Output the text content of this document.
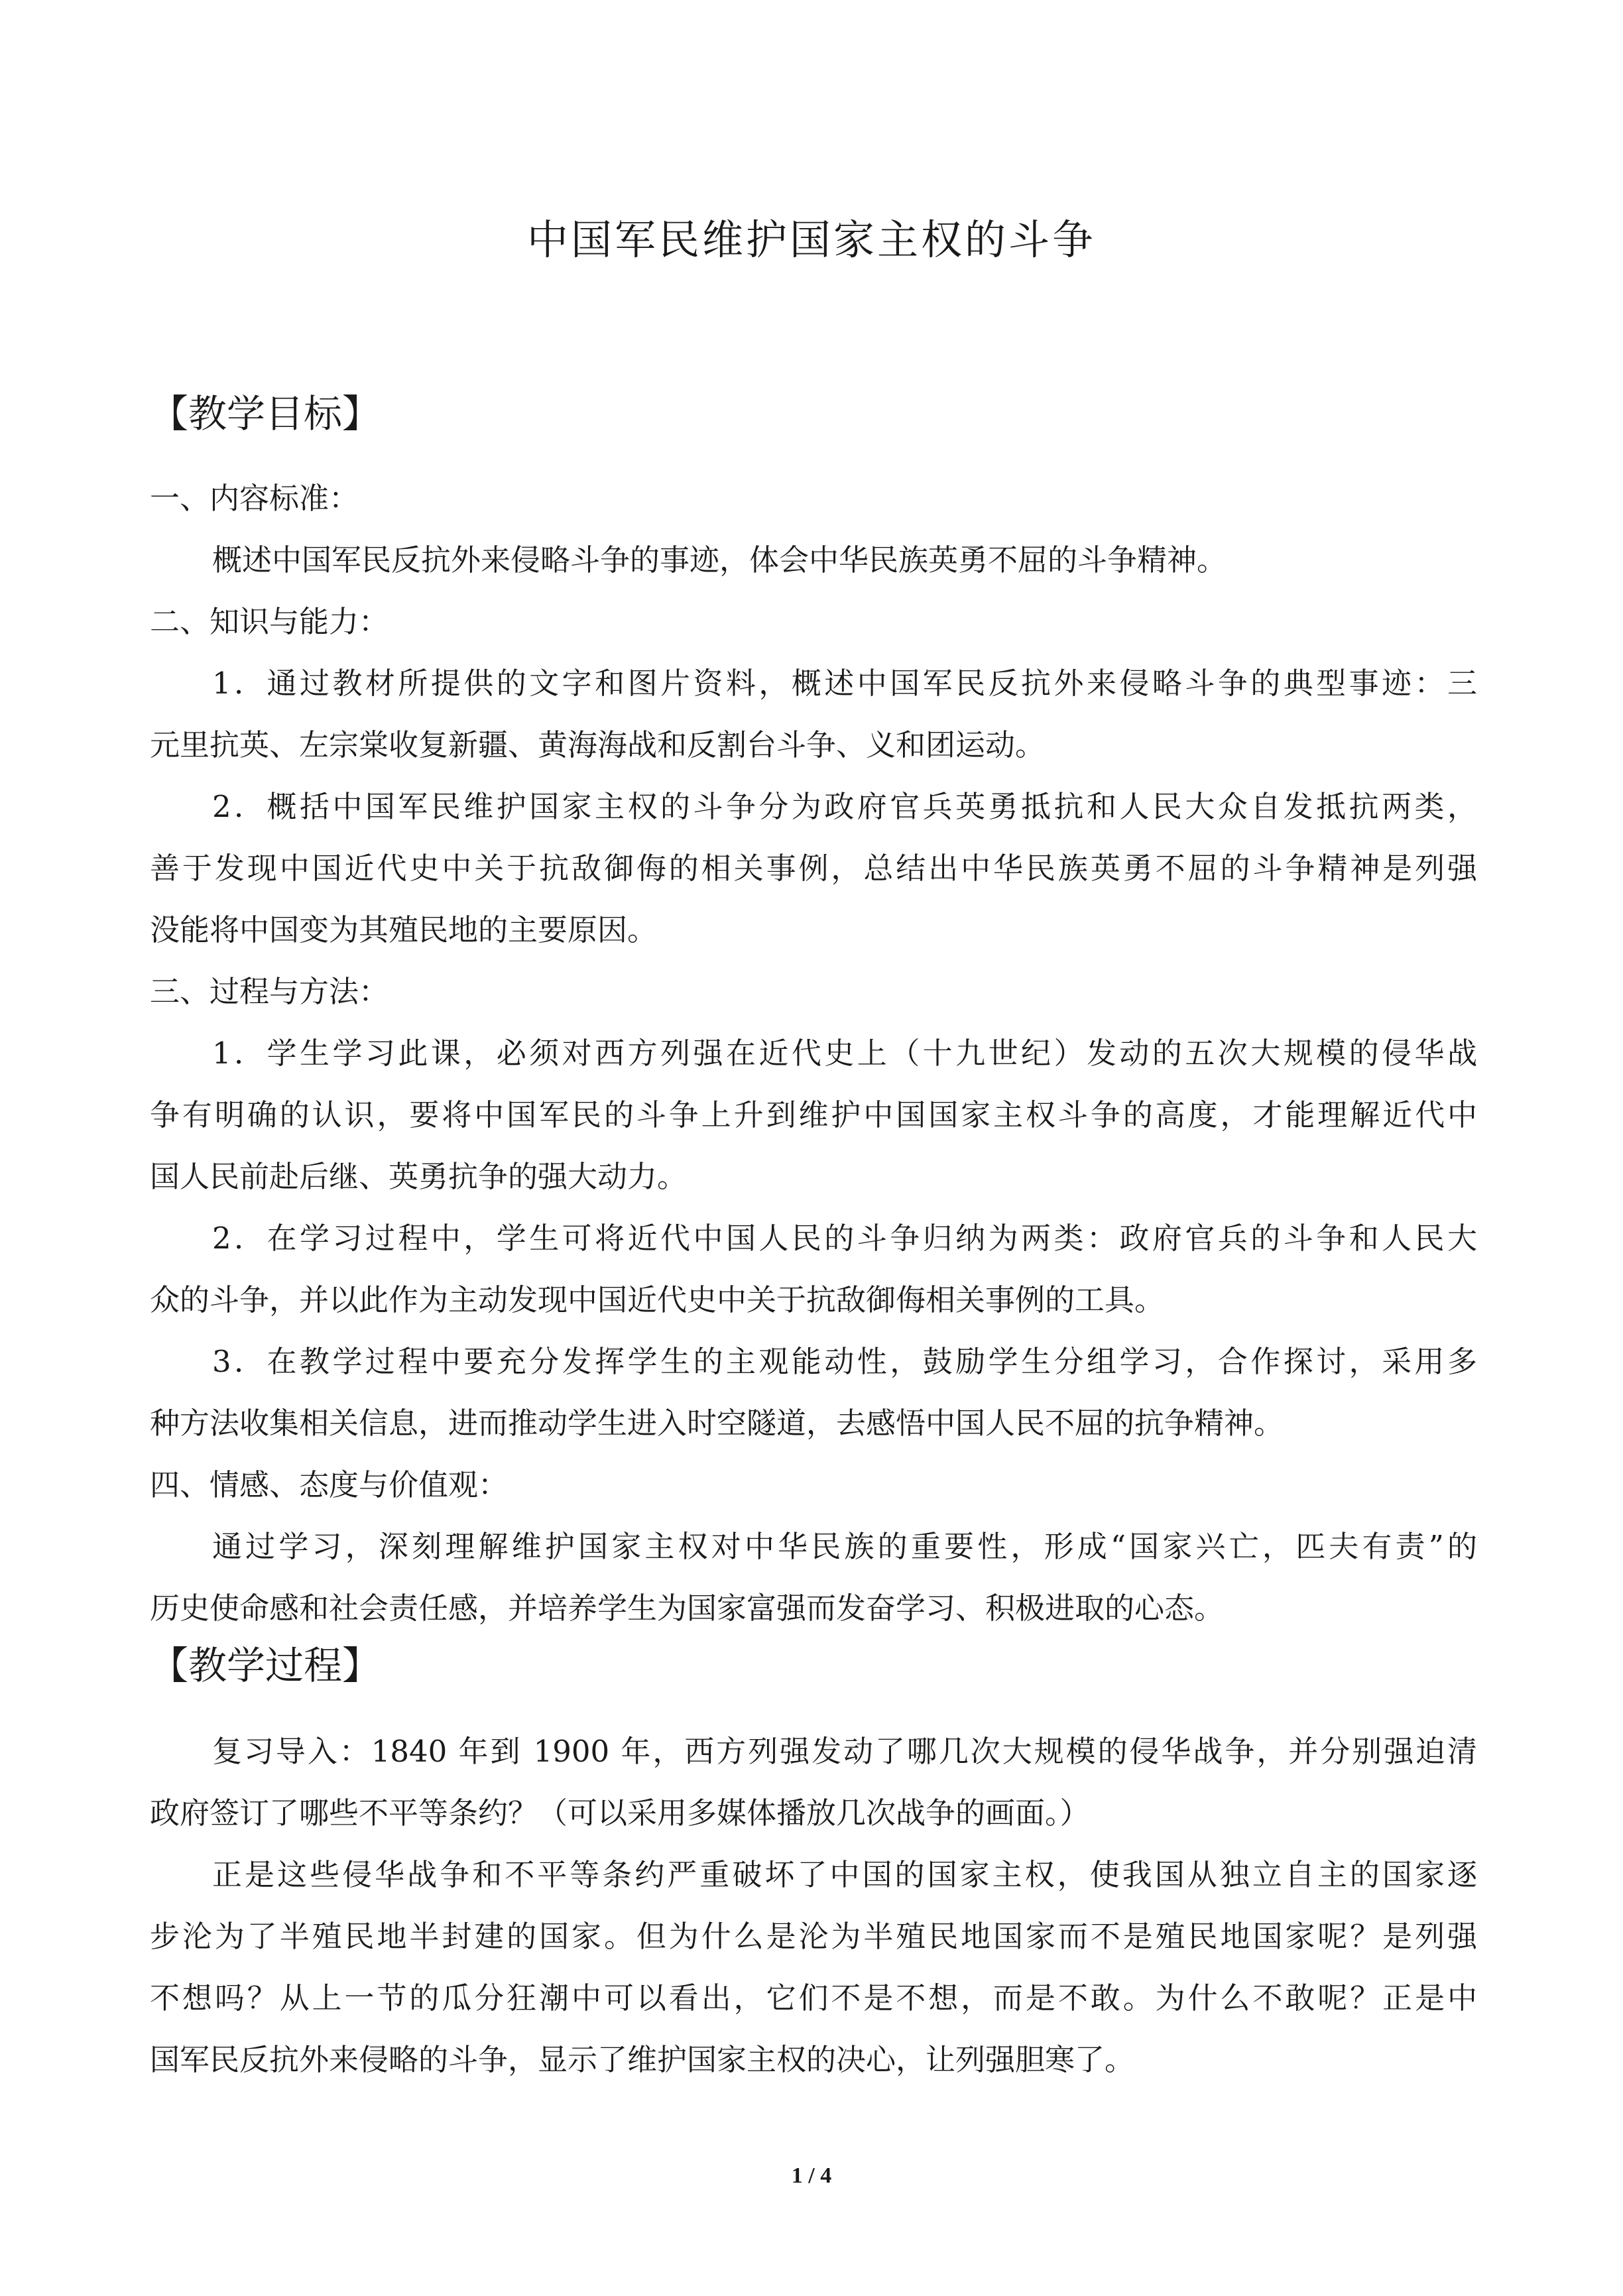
中国军民维护国家主权的斗争
【教学目标】

一、内容标准：

概述中国军民反抗外来侵略斗争的事迹，体会中华民族英勇不屈的斗争精神。

二、知识与能力：

1．通过教材所提供的文字和图片资料，概述中国军民反抗外来侵略斗争的典型事迹：三

元里抗英、左宗棠收复新疆、黄海海战和反割台斗争、义和团运动。

2．概括中国军民维护国家主权的斗争分为政府官兵英勇抵抗和人民大众自发抵抗两类，

善于发现中国近代史中关于抗敌御侮的相关事例，总结出中华民族英勇不屈的斗争精神是列强

没能将中国变为其殖民地的主要原因。

三、过程与方法：

1．学生学习此课，必须对西方列强在近代史上（十九世纪）发动的五次大规模的侵华战

争有明确的认识，要将中国军民的斗争上升到维护中国国家主权斗争的高度，才能理解近代中

国人民前赴后继、英勇抗争的强大动力。

2．在学习过程中，学生可将近代中国人民的斗争归纳为两类：政府官兵的斗争和人民大

众的斗争，并以此作为主动发现中国近代史中关于抗敌御侮相关事例的工具。

3．在教学过程中要充分发挥学生的主观能动性，鼓励学生分组学习，合作探讨，采用多

种方法收集相关信息，进而推动学生进入时空隧道，去感悟中国人民不屈的抗争精神。

四、情感、态度与价值观：

通过学习，深刻理解维护国家主权对中华民族的重要性，形成“国家兴亡，匹夫有责”的

历史使命感和社会责任感，并培养学生为国家富强而发奋学习、积极进取的心态。

【教学过程】

复习导入：1840 年到 1900 年，西方列强发动了哪几次大规模的侵华战争，并分别强迫清

政府签订了哪些不平等条约？（可以采用多媒体播放几次战争的画面。）

正是这些侵华战争和不平等条约严重破坏了中国的国家主权，使我国从独立自主的国家逐

步沦为了半殖民地半封建的国家。但为什么是沦为半殖民地国家而不是殖民地国家呢？是列强

不想吗？从上一节的瓜分狂潮中可以看出，它们不是不想，而是不敢。为什么不敢呢？正是中

国军民反抗外来侵略的斗争，显示了维护国家主权的决心，让列强胆寒了。

1 / 4
